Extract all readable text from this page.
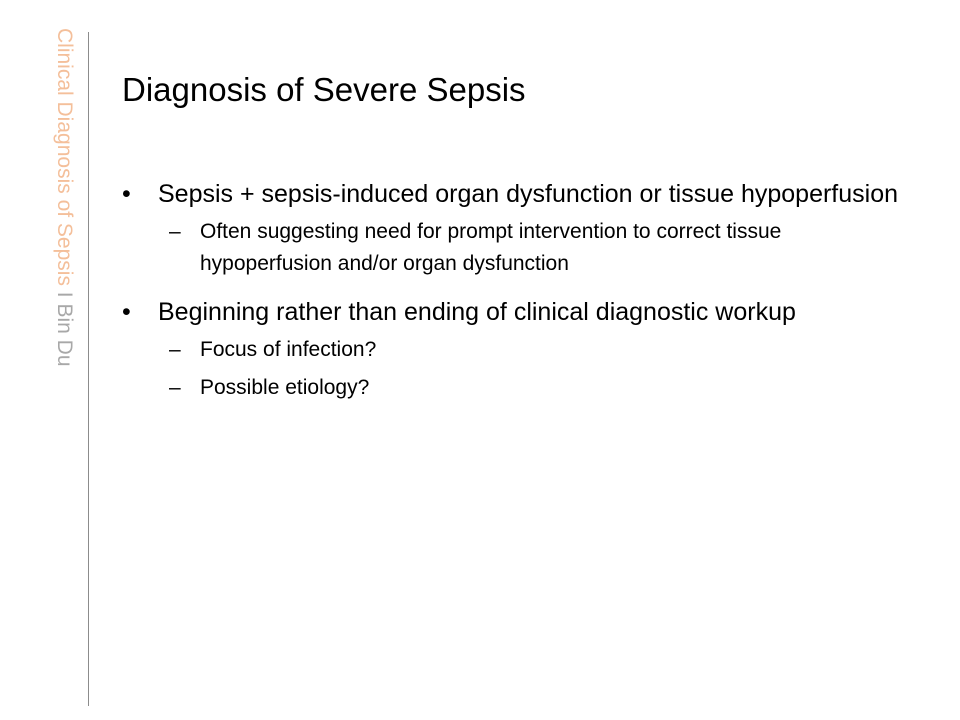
Clinical Diagnosis of Sepsis I Bin Du
Diagnosis of Severe Sepsis
•	Sepsis + sepsis-induced organ dysfunction or tissue hypoperfusion
– Often suggesting need for prompt intervention to correct tissue hypoperfusion and/or organ dysfunction
•	Beginning rather than ending of clinical diagnostic workup
– Focus of infection?
– Possible etiology?
